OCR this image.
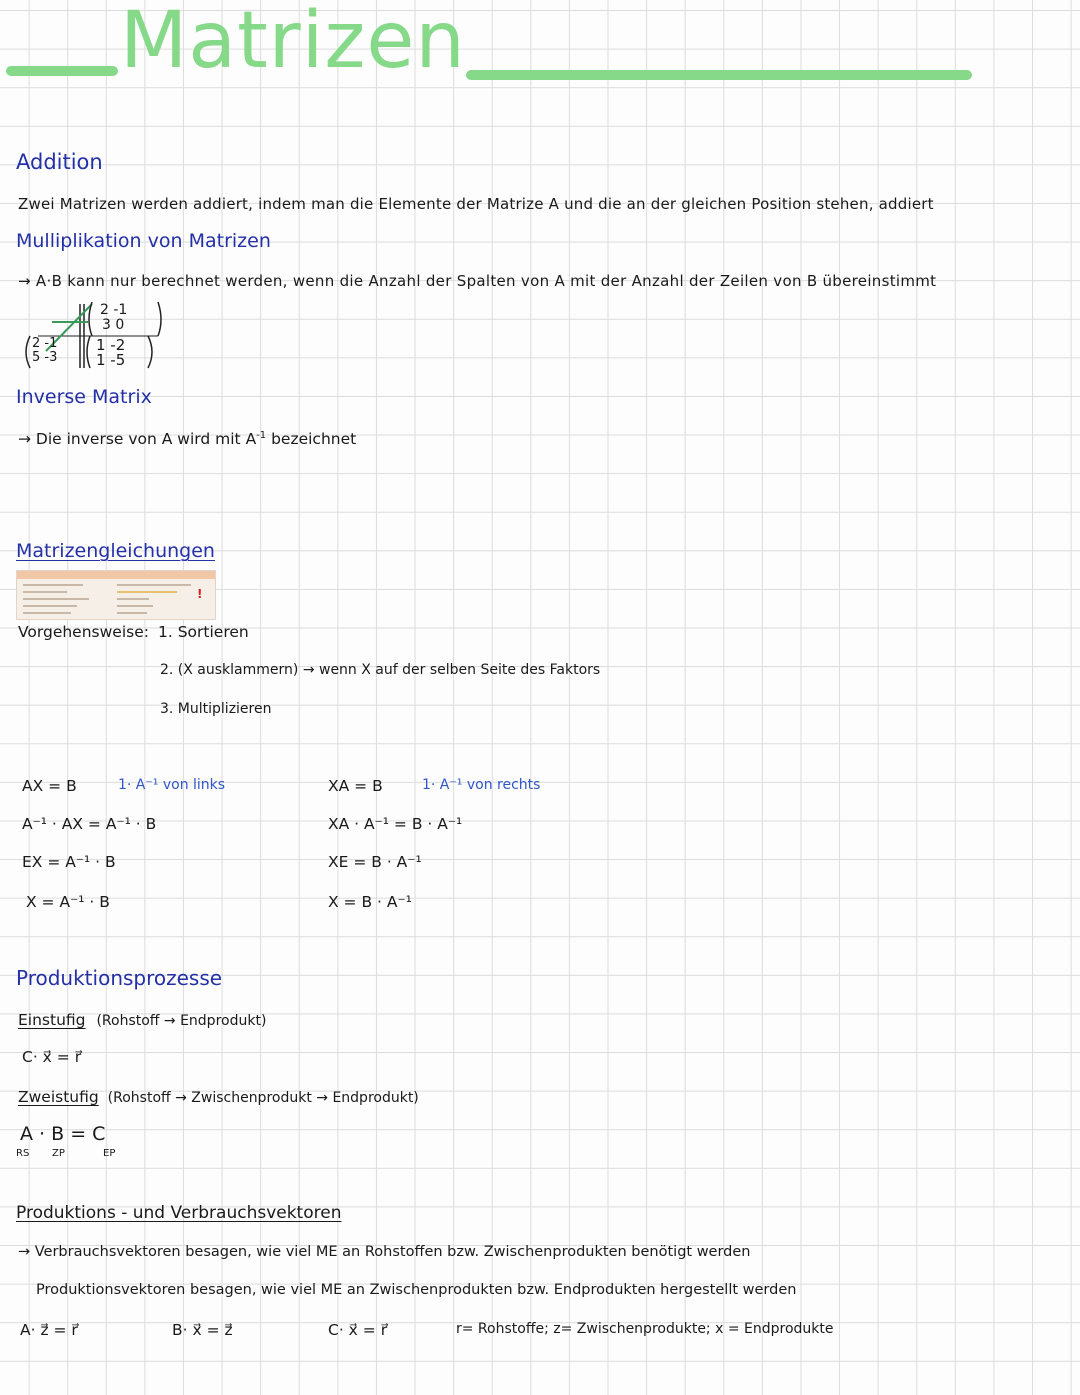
Matrizen
Addition
Zwei Matrizen werden addiert, indem man die Elemente der Matrize A und die an der gleichen Position stehen, addiert
Mulliplikation von Matrizen
→ A·B kann nur berechnet werden, wenn die Anzahl der Spalten von A mit der Anzahl der Zeilen von B übereinstimmt
2 -1
3 0
2 -1
5 -3
1 -2
1 -5
Inverse Matrix
→ Die inverse von A wird mit $A^{-1}$ bezeichnet
Matrizengleichungen
!
Vorgehensweise: 1. Sortieren
2. (X ausklammern) → wenn X auf der selben Seite des Faktors
3. Multiplizieren
AX = B	1· A⁻¹ von links
A⁻¹ · AX = A⁻¹ · B
EX = A⁻¹ · B
X = A⁻¹ · B
XA = B	1· A⁻¹ von rechts
XA · A⁻¹ = B · A⁻¹
XE = B · A⁻¹
X = B · A⁻¹
Produktionsprozesse
Einstufig (Rohstoff → Endprodukt)
C· x⃗ = r⃗
Zweistufig (Rohstoff → Zwischenprodukt → Endprodukt)
A · B = C
RS ZP	EP
Produktions - und Verbrauchsvektoren
→ Verbrauchsvektoren besagen, wie viel ME an Rohstoffen bzw. Zwischenprodukten benötigt werden
Produktionsvektoren besagen, wie viel ME an Zwischenprodukten bzw. Endprodukten hergestellt werden
A· z⃗ = r⃗	B· x⃗ = z⃗	C· x⃗ = r⃗	r= Rohstoffe; z= Zwischenprodukte; x = Endprodukte
